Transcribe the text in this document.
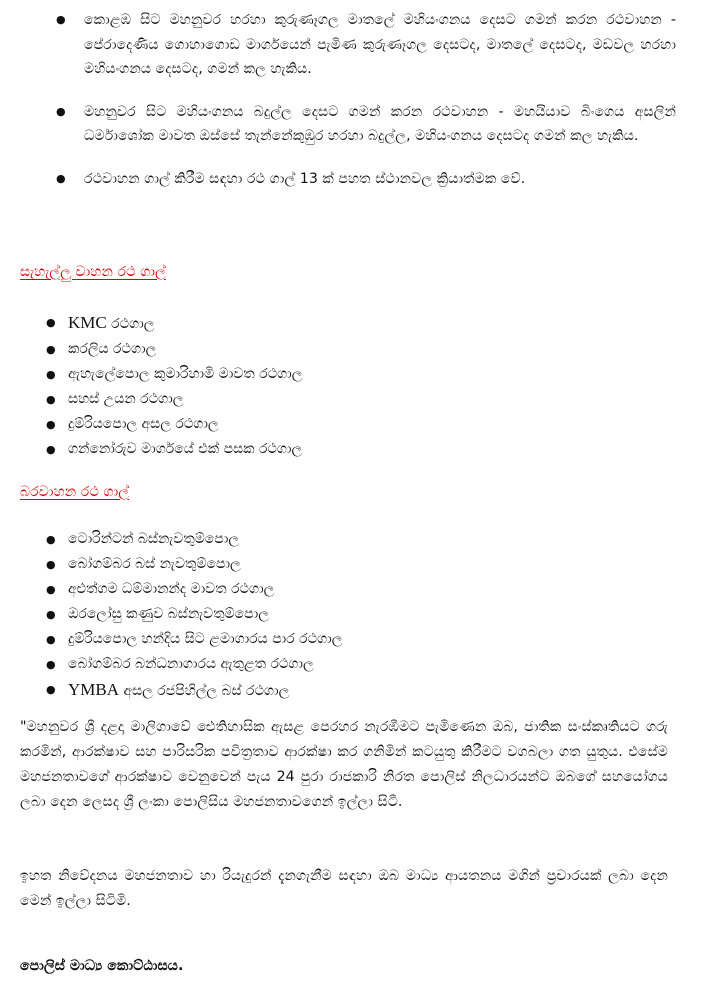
● කොළඹ සිට මහනුවර හරහා කුරුණෑගල මාතලේ මහියංගනය දෙසට ගමන් කරන රථවාහන - පේරාදෙණිය ගොහාගොඩ මාර්ගයෙන් පැමිණ කුරුණෑගල දෙසටද, මාතලේ දෙසටද, මඩවල හරහා මහියංගනය දෙසටද, ගමන් කල හැකිය.
● මහනුවර සිට මහියංගනය බදුල්ල දෙසට ගමන් කරන රථවාහන - මහයියාව බිංගෙය අසලින් ධර්මාශෝක මාවත ඔස්සේ තැන්නේකුඹුර හරහා බදුල්ල, මහියංගනය දෙසටද ගමන් කල හැකිය.
● රථවාහන ගාල් කිරීම සඳහා රථ ගාල් 13 ක් පහත ස්ථානවල ක්‍රියාත්මක වේ.
සැහැල්ලු වාහන රථ ගාල්
● KMC රථගාල
● කරලිය රථගාල
● ඇහැලේපොල කුමාරිහාමි මාවත රථගාල
● සහස් උයන රථගාල
● දුම්රියපොල අසල රථගාල
● ගන්නෝරුව මාර්ගයේ එක් පසක රථගාල
බරවාහන රථ ගාල්
● ටොරින්ටන් බස්නැවතුම්පොල
● බෝගම්බර බස් නැවතුම්පොල
● අළුත්ගම ධම්මානන්ද මාවත රථගාල
● ඔරලෝසු කණුව බස්නැවතුම්පොල
● දුම්රියපොල හන්දිය සිට ළමාගාරය පාර රථගාල
● බෝගම්බර බන්ධනාගාරය ඇතුළත රථගාල
● YMBA අසල රජපිහිල්ල බස් රථගාල

"මහනුවර ශ්‍රී දළදා මාලිගාවේ ඓතිහාසික ඇසළ පෙරහර නැරඹීමට පැමිණෙන ඔබ, ජාතික සංස්කෘතියට ගරු කරමින්, ආරක්ෂාව සහ පාරිසරික පවිත්‍රතාව ආරක්ෂා කර ගනිමින් කටයුතු කිරීමට වගබලා ගත යුතුය. එසේම මහජනතාවගේ ආරක්ෂාව වෙනුවෙන් පැය 24 පුරා රාජකාරි නිරත පොලිස් නිලධාරයන්ට ඔබගේ සහයෝගය ලබා දෙන ලෙසද ශ්‍රී ලංකා පොලිසිය මහජනතාවගෙන් ඉල්ලා සිටී.

ඉහත නිවේදනය මහජනතාව හා රියැදුරන් දැනගැනීම සඳහා ඔබ මාධ්‍ය ආයතනය මගින් ප්‍රචාරයක් ලබා දෙන මෙන් ඉල්ලා සිටිමි.

පොලිස් මාධ්‍ය කොට්ඨාසය.
